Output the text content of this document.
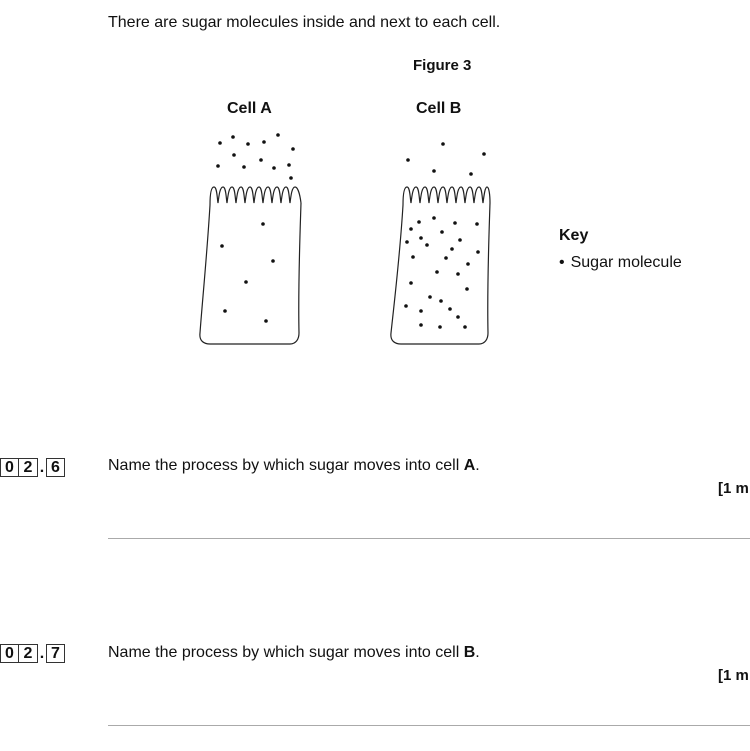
There are sugar molecules inside and next to each cell.
Figure 3
Cell A	Cell B
Key
• Sugar molecule
0 2 . 6	Name the process by which sugar moves into cell A.
[1 m
0 2 . 7	Name the process by which sugar moves into cell B.
[1 m
